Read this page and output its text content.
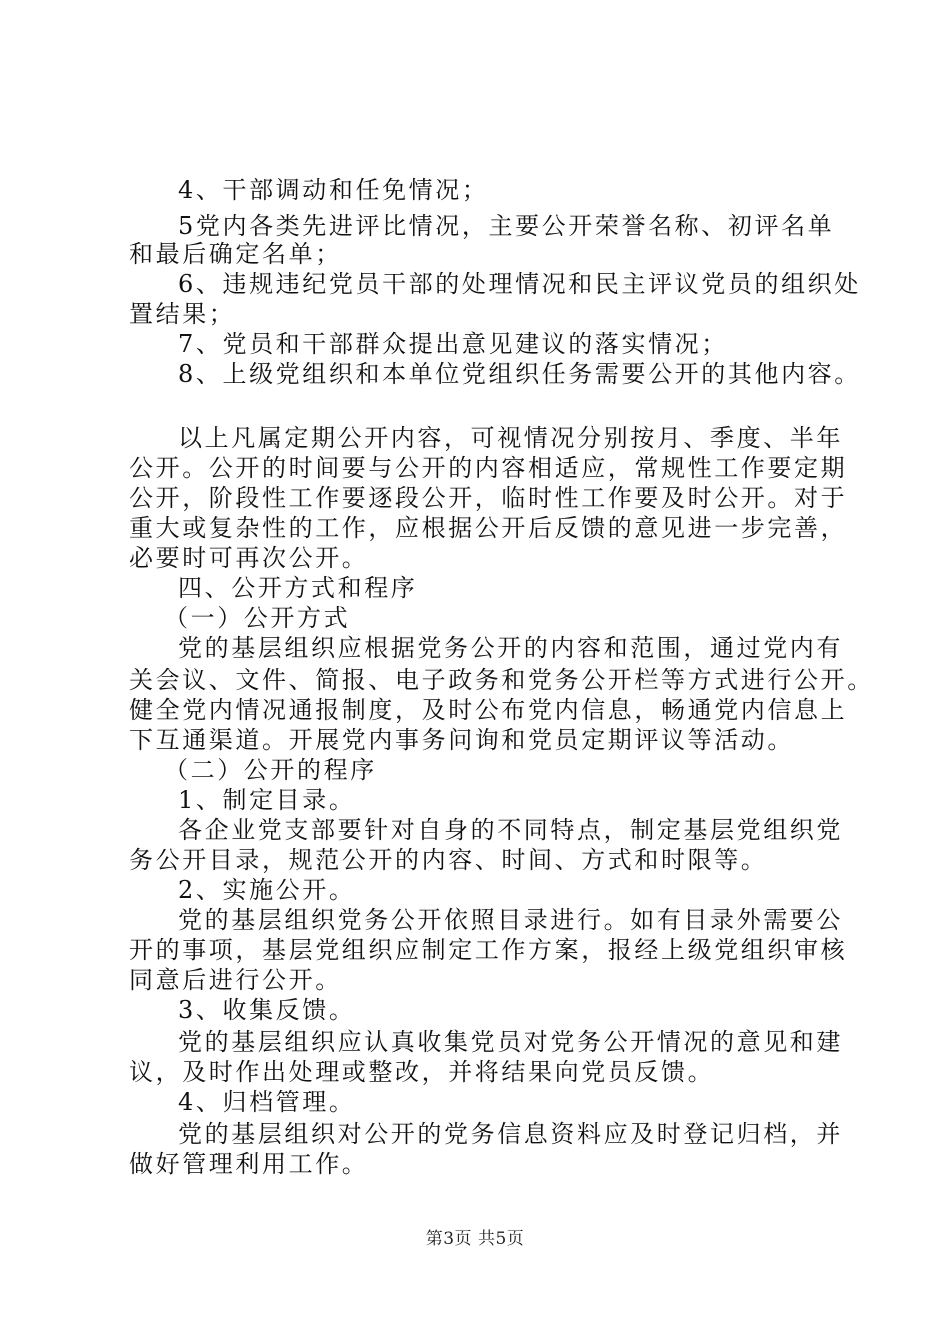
4、干部调动和任免情况；
5党内各类先进评比情况，主要公开荣誉名称、初评名单
和最后确定名单；
6、违规违纪党员干部的处理情况和民主评议党员的组织处
置结果；
7、党员和干部群众提出意见建议的落实情况；
8、上级党组织和本单位党组织任务需要公开的其他内容。
以上凡属定期公开内容，可视情况分别按月、季度、半年
公开。公开的时间要与公开的内容相适应，常规性工作要定期
公开，阶段性工作要逐段公开，临时性工作要及时公开。对于
重大或复杂性的工作，应根据公开后反馈的意见进一步完善，
必要时可再次公开。
四、公开方式和程序
（一）公开方式
党的基层组织应根据党务公开的内容和范围，通过党内有
关会议、文件、简报、电子政务和党务公开栏等方式进行公开。
健全党内情况通报制度，及时公布党内信息，畅通党内信息上
下互通渠道。开展党内事务问询和党员定期评议等活动。
（二）公开的程序
1、制定目录。
各企业党支部要针对自身的不同特点，制定基层党组织党
务公开目录，规范公开的内容、时间、方式和时限等。
2、实施公开。
党的基层组织党务公开依照目录进行。如有目录外需要公
开的事项，基层党组织应制定工作方案，报经上级党组织审核
同意后进行公开。
3、收集反馈。
党的基层组织应认真收集党员对党务公开情况的意见和建
议，及时作出处理或整改，并将结果向党员反馈。
4、归档管理。
党的基层组织对公开的党务信息资料应及时登记归档，并
做好管理利用工作。
第3页 共5页
